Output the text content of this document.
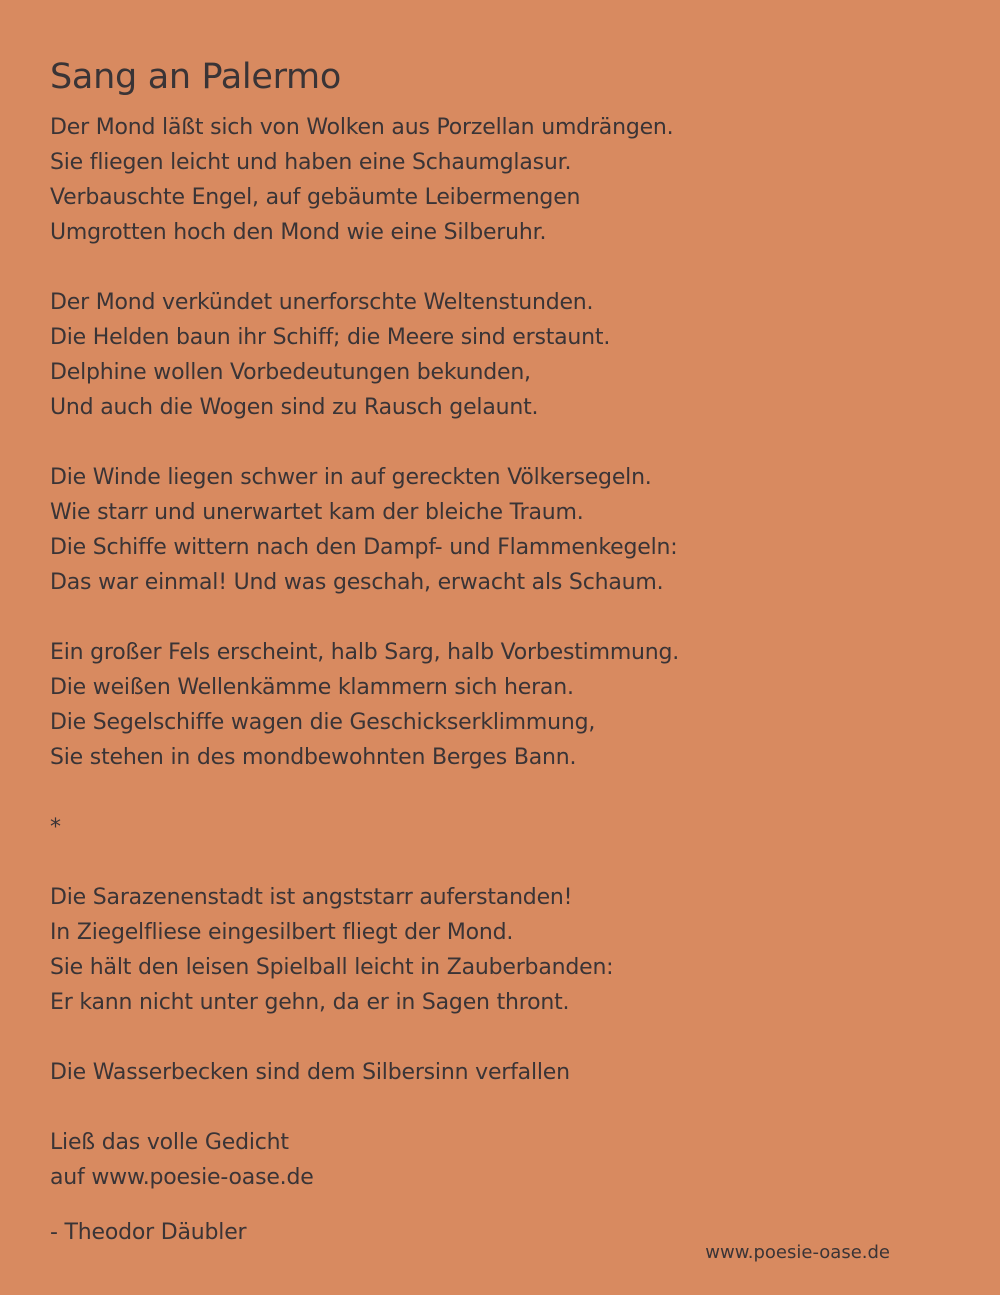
Sang an Palermo
Der Mond läßt sich von Wolken aus Porzellan umdrängen.
Sie fliegen leicht und haben eine Schaumglasur.
Verbauschte Engel, auf gebäumte Leibermengen
Umgrotten hoch den Mond wie eine Silberuhr.
Der Mond verkündet unerforschte Weltenstunden.
Die Helden baun ihr Schiff; die Meere sind erstaunt.
Delphine wollen Vorbedeutungen bekunden,
Und auch die Wogen sind zu Rausch gelaunt.
Die Winde liegen schwer in auf gereckten Völkersegeln.
Wie starr und unerwartet kam der bleiche Traum.
Die Schiffe wittern nach den Dampf- und Flammenkegeln:
Das war einmal! Und was geschah, erwacht als Schaum.
Ein großer Fels erscheint, halb Sarg, halb Vorbestimmung.
Die weißen Wellenkämme klammern sich heran.
Die Segelschiffe wagen die Geschickserklimmung,
Sie stehen in des mondbewohnten Berges Bann.
*
Die Sarazenenstadt ist angststarr auferstanden!
In Ziegelfliese eingesilbert fliegt der Mond.
Sie hält den leisen Spielball leicht in Zauberbanden:
Er kann nicht unter gehn, da er in Sagen thront.
Die Wasserbecken sind dem Silbersinn verfallen
Ließ das volle Gedicht
auf www.poesie-oase.de
- Theodor Däubler
www.poesie-oase.de
